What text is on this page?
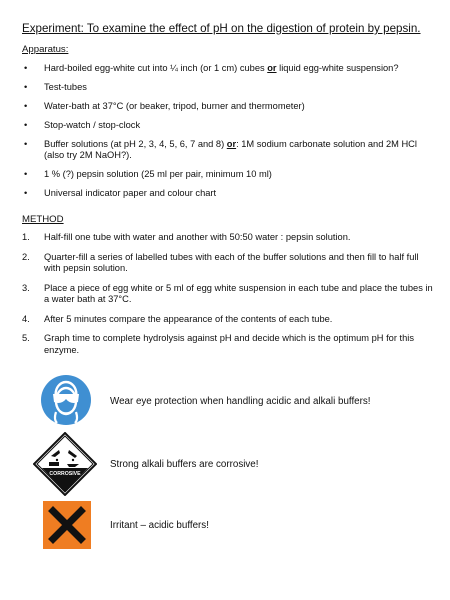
Experiment: To examine the effect of pH on the digestion of protein by pepsin.
Apparatus:
• Hard-boiled egg-white cut into ¼ inch (or 1 cm) cubes or liquid egg-white suspension?
• Test-tubes
• Water-bath at 37°C (or beaker, tripod, burner and thermometer)
• Stop-watch / stop-clock
• Buffer solutions (at pH 2, 3, 4, 5, 6, 7 and 8) or: 1M sodium carbonate solution and 2M HCl (also try 2M NaOH?).
• 1 % (?) pepsin solution (25 ml per pair, minimum 10 ml)
• Universal indicator paper and colour chart
METHOD
1. Half-fill one tube with water and another with 50:50 water : pepsin solution.
2. Quarter-fill a series of labelled tubes with each of the buffer solutions and then fill to half full with pepsin solution.
3. Place a piece of egg white or 5 ml of egg white suspension in each tube and place the tubes in a water bath at 37°C.
4. After 5 minutes compare the appearance of the contents of each tube.
5. Graph time to complete hydrolysis against pH and decide which is the optimum pH for this enzyme.
Wear eye protection when handling acidic and alkali buffers!
CORROSIVE
Strong alkali buffers are corrosive!
Irritant – acidic buffers!
